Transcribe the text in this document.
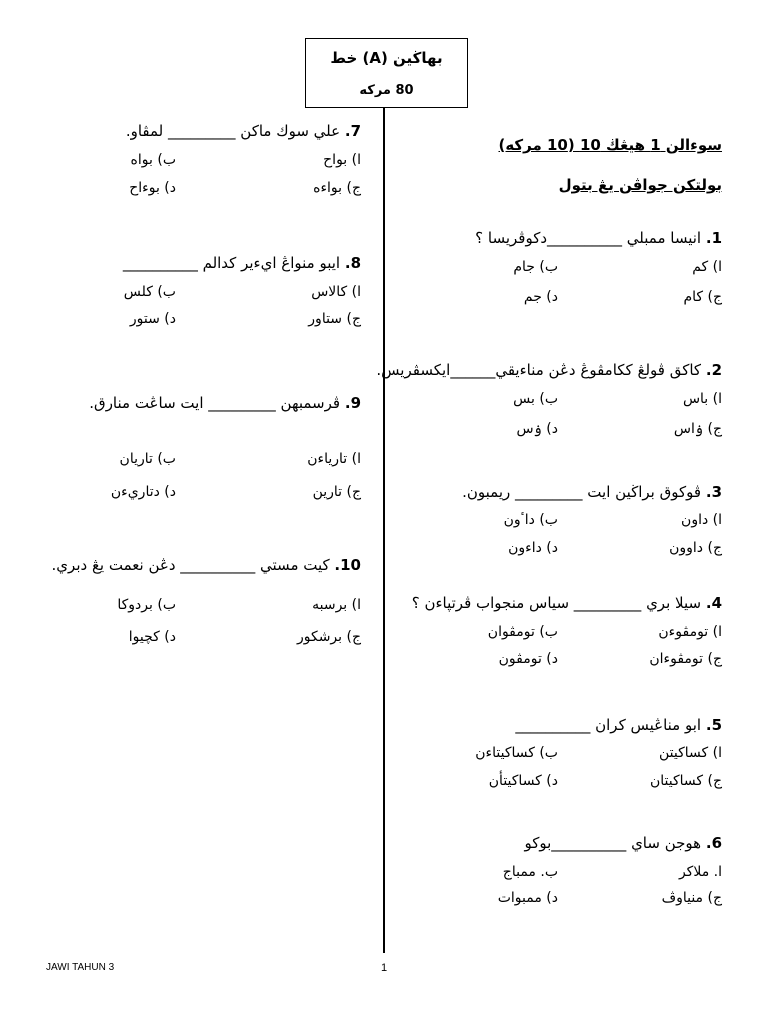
بهاڬين (A) خط
80 مركه
سوءالن 1 هيڠڬ 10 (10 مركه)
بولتكن جواڤن يڠ بتول
1. انيسا ممبلي __________دكوڤريسا ؟
ا) كم
ب) جام
ج) كام
د) جم
2. كاكق ڤولڠ ككامڤوڠ دڠن مناءيقي______ايكسڤريس.
ا) باس
ب) بس
ج) ۏاس
د) ۏس
3. ڤوكوق براڬين ايت _________ ريمبون.
ا) داون
ب) داٴون
ج) داوون
د) داءون
4. سيلا بري _________ سياس منجواب ڤرتڽاءن ؟
ا) تومڤوءن
ب) تومڤوان
ج) تومڤوءان
د) تومڤون
5. ابو مناڠيس كران __________
ا) كساكيتن
ب) كساكيتاءن
ج) كساكيتان
د) كساكيتأن
6. هوجن ساي __________بوكو
ا. ملاكر
ب. ممباج
ج) منياوڤ
د) ممبوات
7. علي سوك ماكن _________ لمڤاو.
ا) بواح
ب) بواه
ج) بواءه
د) بوءاح
8. ايبو منواڠ ايءير كدالم __________
ا) كالاس
ب) كلس
ج) ستاور
د) ستور
9. ڤرسمبهن _________ ايت ساڠت منارق.
ا) تارياءن
ب) تاريان
ج) تارين
د) دتاريءن
10. كيت مستي __________ دڠن نعمت يڠ دبري.
ا) برسبه
ب) بردوكا
ج) برشكور
د) كچيوا
JAWI TAHUN 3	1
